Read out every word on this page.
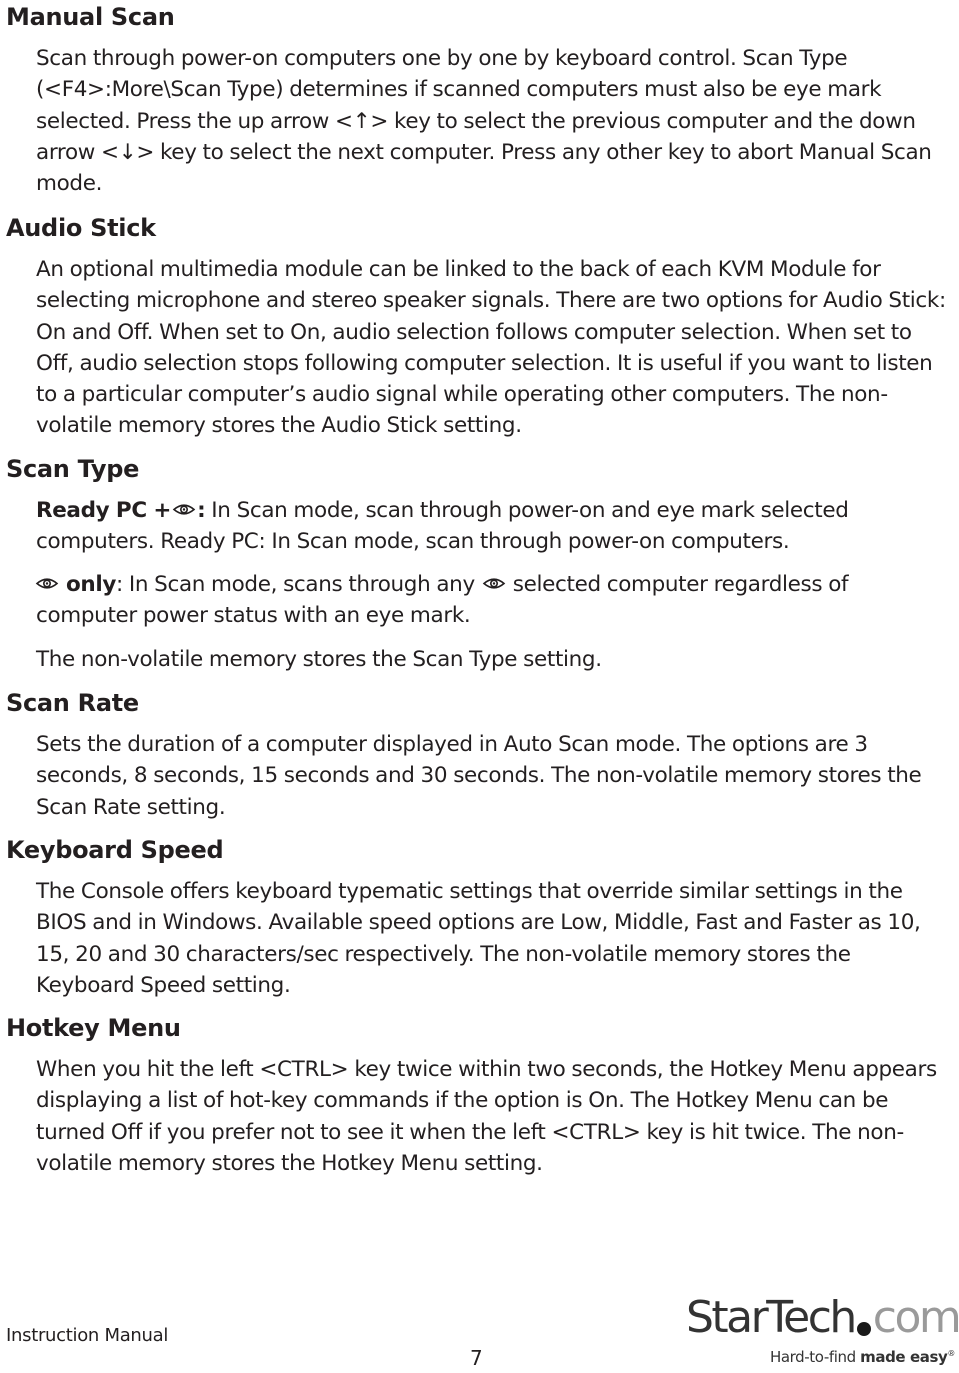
Manual Scan

Scan through power-on computers one by one by keyboard control. Scan Type (<F4>:More\Scan Type) determines if scanned computers must also be eye mark selected. Press the up arrow <↑> key to select the previous computer and the down arrow <↓> key to select the next computer. Press any other key to abort Manual Scan mode.

Audio Stick

An optional multimedia module can be linked to the back of each KVM Module for selecting microphone and stereo speaker signals. There are two options for Audio Stick: On and Off. When set to On, audio selection follows computer selection. When set to Off, audio selection stops following computer selection. It is useful if you want to listen to a particular computer’s audio signal while operating other computers. The non-volatile memory stores the Audio Stick setting.

Scan Type

Ready PC + : In Scan mode, scan through power-on and eye mark selected computers. Ready PC: In Scan mode, scan through power-on computers.

only: In Scan mode, scans through any selected computer regardless of computer power status with an eye mark.

The non-volatile memory stores the Scan Type setting.

Scan Rate

Sets the duration of a computer displayed in Auto Scan mode. The options are 3 seconds, 8 seconds, 15 seconds and 30 seconds. The non-volatile memory stores the Scan Rate setting.

Keyboard Speed

The Console offers keyboard typematic settings that override similar settings in the BIOS and in Windows. Available speed options are Low, Middle, Fast and Faster as 10, 15, 20 and 30 characters/sec respectively. The non-volatile memory stores the Keyboard Speed setting.

Hotkey Menu

When you hit the left <CTRL> key twice within two seconds, the Hotkey Menu appears displaying a list of hot-key commands if the option is On. The Hotkey Menu can be turned Off if you prefer not to see it when the left <CTRL> key is hit twice. The non-volatile memory stores the Hotkey Menu setting.

Instruction Manual
7
StarTech com
Hard-to-find made easy®
